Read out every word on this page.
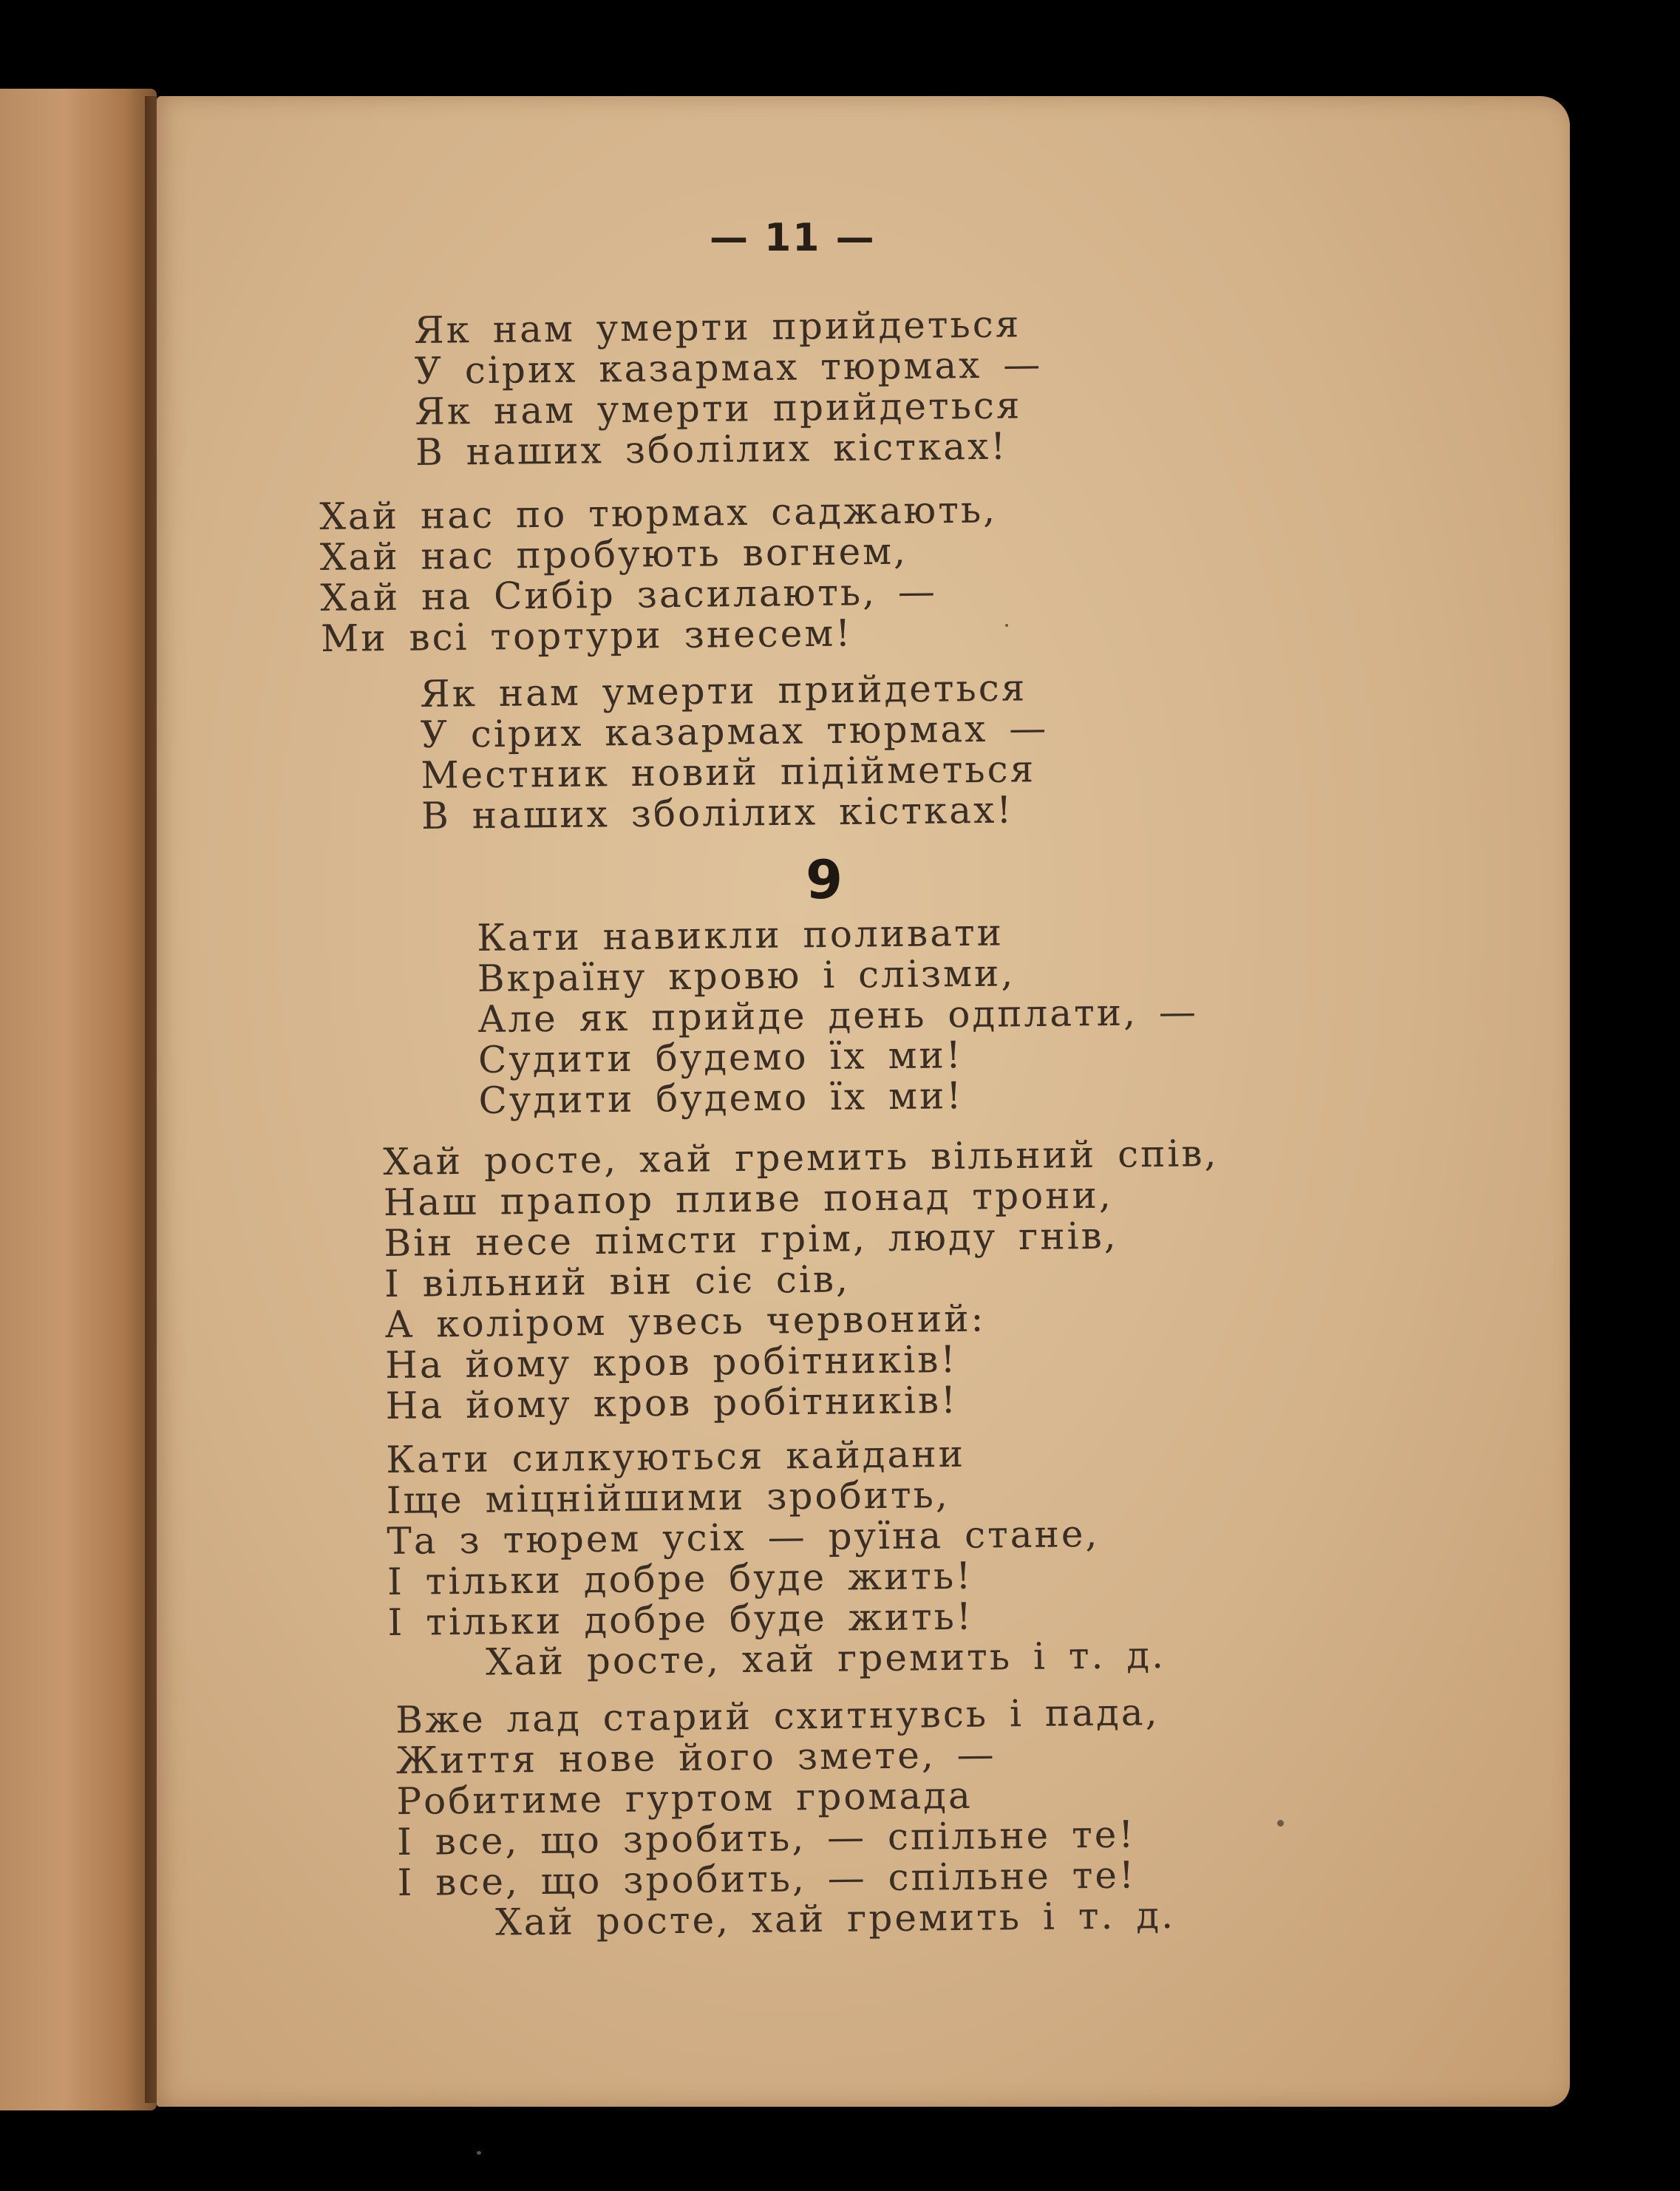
— 11 —
Як нам умерти прийдеться
У сірих казармах тюрмах —
Як нам умерти прийдеться
В наших зболілих кістках!
Хай нас по тюрмах саджають,
Хай нас пробують вогнем,
Хай на Сибір засилають, —
Ми всі тортури знесем!
Як нам умерти прийдеться
У сірих казармах тюрмах —
Местник новий підійметься
В наших зболілих кістках!
9
Кати навикли поливати
Вкраїну кровю і слізми,
Але як прийде день одплати, —
Судити будемо їх ми!
Судити будемо їх ми!
Хай росте, хай гремить вільний спів,
Наш прапор пливе понад трони,
Він несе пімсти грім, люду гнів,
І вільний він сіє сів,
А коліром увесь червоний:
На йому кров робітників!
На йому кров робітників!
Кати силкуються кайдани
Іще міцнійшими зробить,
Та з тюрем усіх — руїна стане,
І тільки добре буде жить!
І тільки добре буде жить!
Хай росте, хай гремить і т. д.
Вже лад старий схитнувсь і пада,
Життя нове його змете, —
Робитиме гуртом громада
І все, що зробить, — спільне те!
І все, що зробить, — спільне те!
Хай росте, хай гремить і т. д.
